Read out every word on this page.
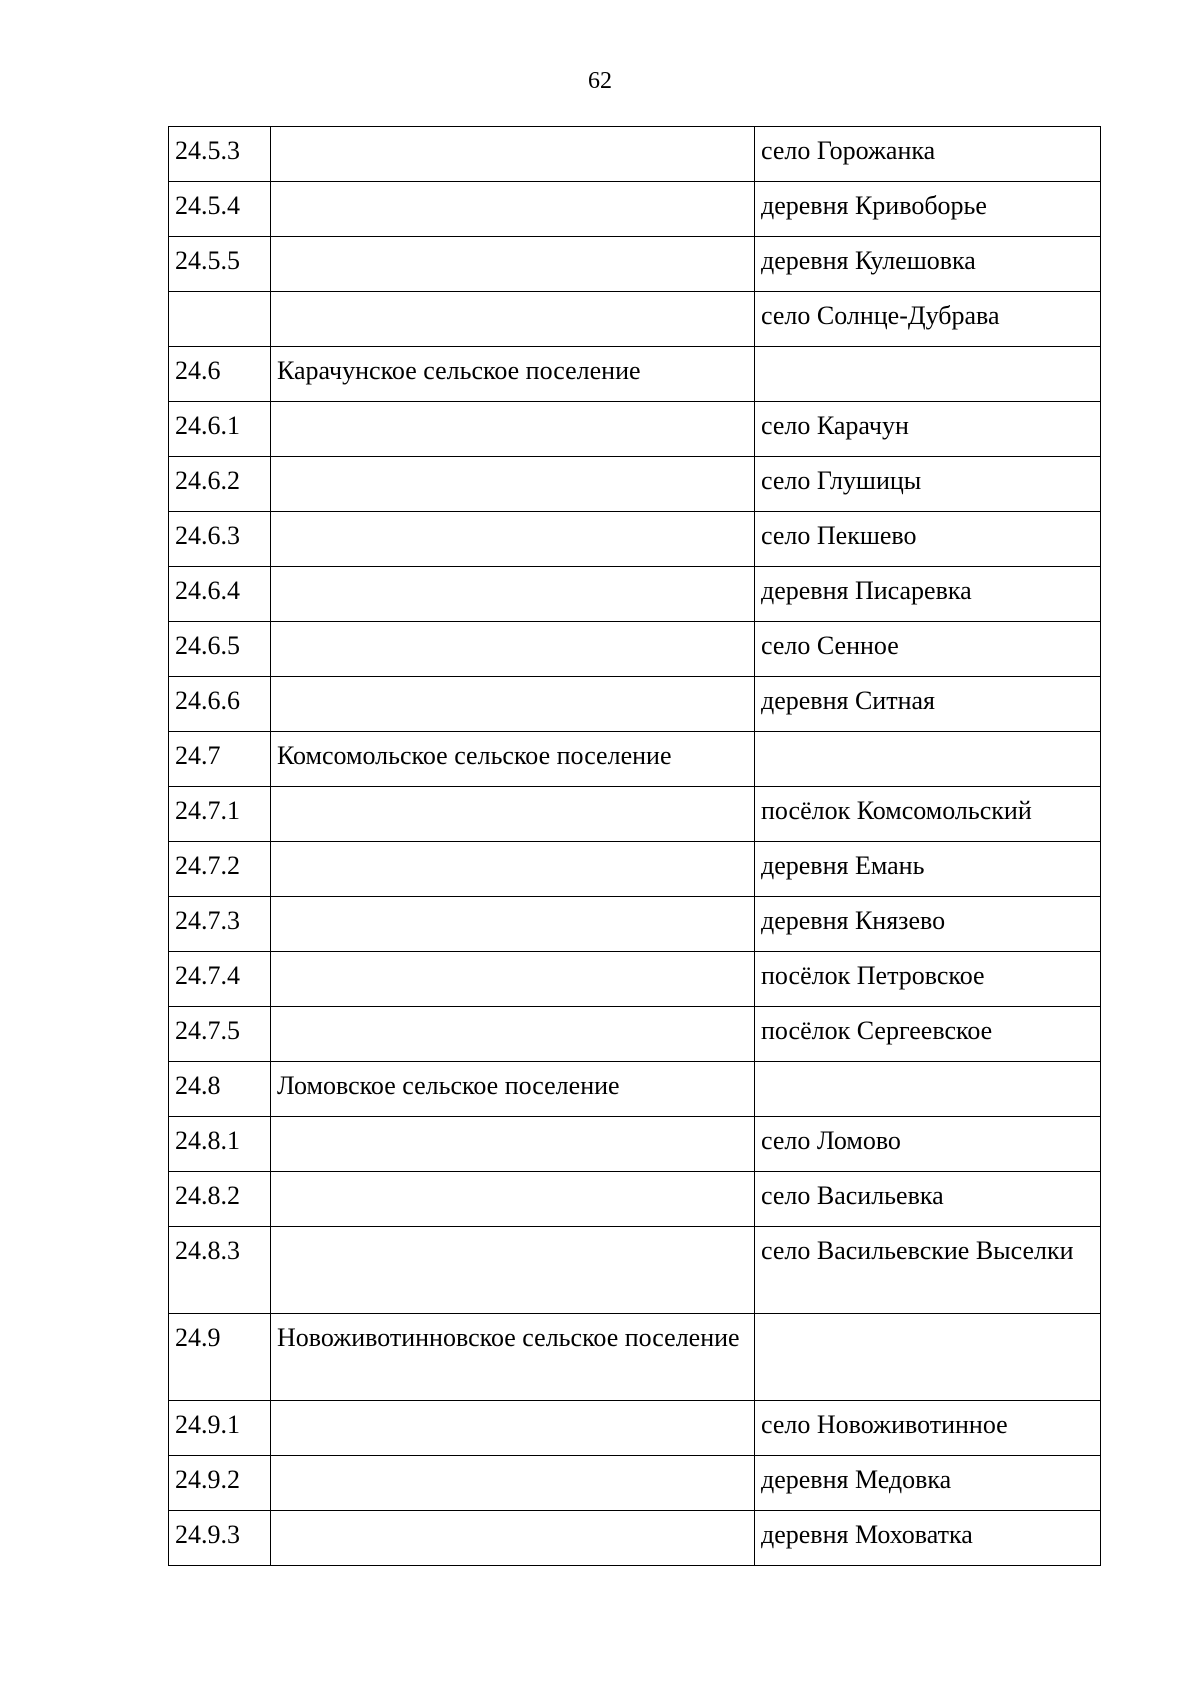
62
24.5.3		село Горожанка
24.5.4		деревня Кривоборье
24.5.5		деревня Кулешовка
		село Солнце-Дубрава
24.6	Карачунское сельское поселение	
24.6.1		село Карачун
24.6.2		село Глушицы
24.6.3		село Пекшево
24.6.4		деревня Писаревка
24.6.5		село Сенное
24.6.6		деревня Ситная
24.7	Комсомольское сельское поселение	
24.7.1		посёлок Комсомольский
24.7.2		деревня Емань
24.7.3		деревня Князево
24.7.4		посёлок Петровское
24.7.5		посёлок Сергеевское
24.8	Ломовское сельское поселение	
24.8.1		село Ломово
24.8.2		село Васильевка
24.8.3		село Васильевские Выселки
24.9	Новоживотинновское сельское поселение	
24.9.1		село Новоживотинное
24.9.2		деревня Медовка
24.9.3		деревня Моховатка
